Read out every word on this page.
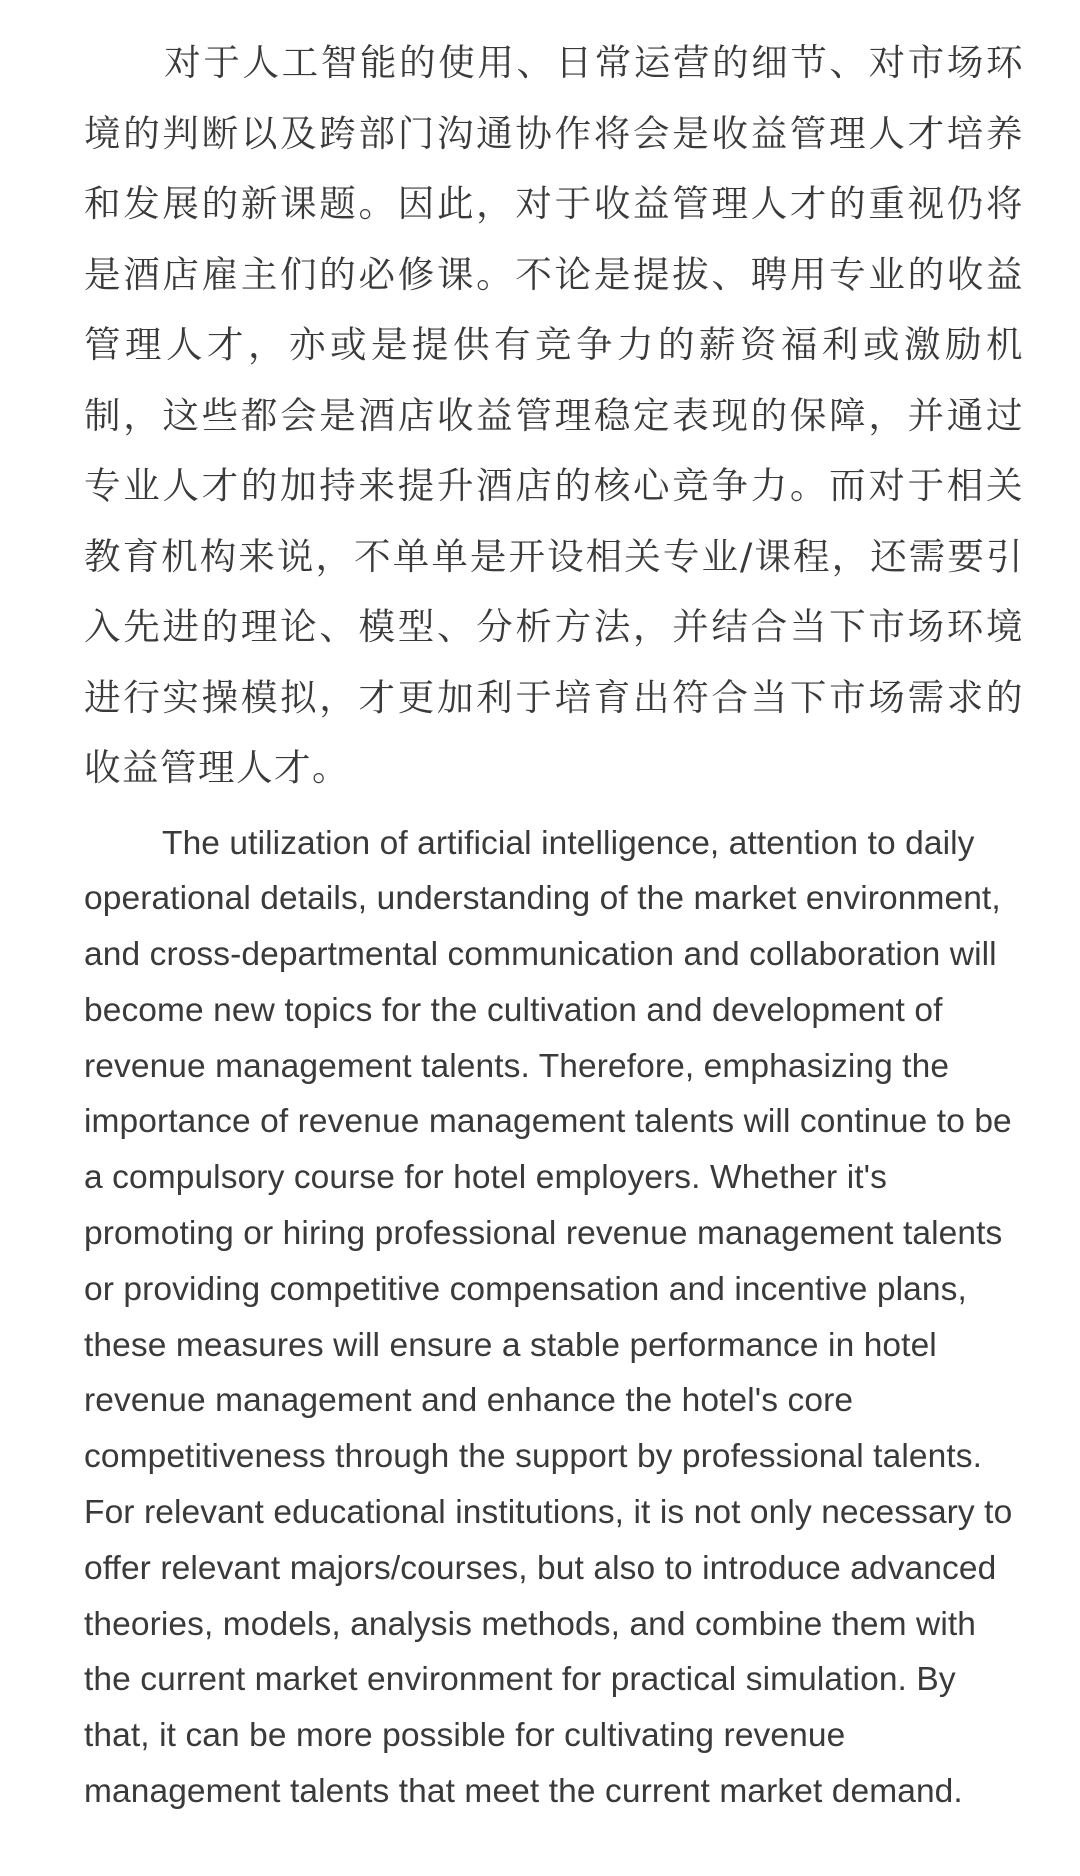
对于人工智能的使用、日常运营的细节、对市场环境的判断以及跨部门沟通协作将会是收益管理人才培养和发展的新课题。因此，对于收益管理人才的重视仍将是酒店雇主们的必修课。不论是提拔、聘用专业的收益管理人才，亦或是提供有竞争力的薪资福利或激励机制，这些都会是酒店收益管理稳定表现的保障，并通过专业人才的加持来提升酒店的核心竞争力。而对于相关教育机构来说，不单单是开设相关专业/课程，还需要引入先进的理论、模型、分析方法，并结合当下市场环境进行实操模拟，才更加利于培育出符合当下市场需求的收益管理人才。

The utilization of artificial intelligence, attention to daily operational details, understanding of the market environment, and cross-departmental communication and collaboration will become new topics for the cultivation and development of revenue management talents. Therefore, emphasizing the importance of revenue management talents will continue to be a compulsory course for hotel employers. Whether it's promoting or hiring professional revenue management talents or providing competitive compensation and incentive plans, these measures will ensure a stable performance in hotel revenue management and enhance the hotel's core competitiveness through the support by professional talents. For relevant educational institutions, it is not only necessary to offer relevant majors/courses, but also to introduce advanced theories, models, analysis methods, and combine them with the current market environment for practical simulation. By that, it can be more possible for cultivating revenue management talents that meet the current market demand.
